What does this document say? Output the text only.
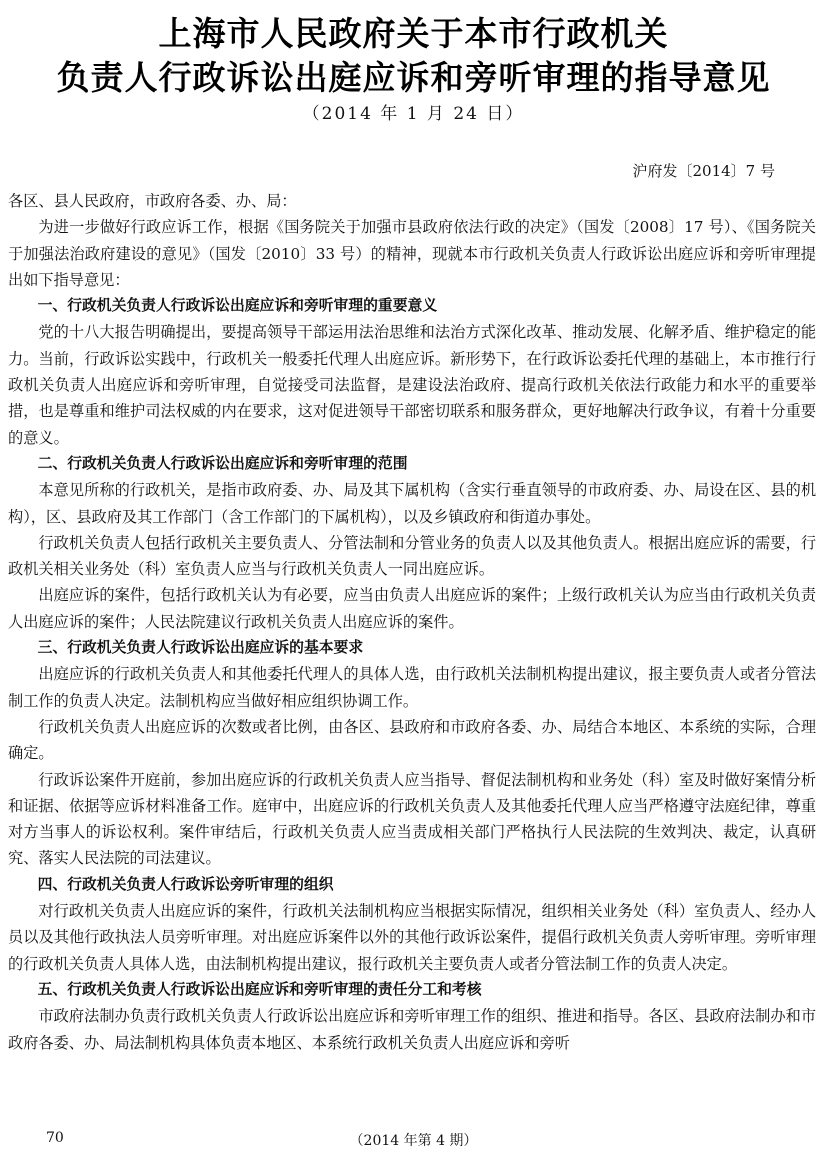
上海市人民政府关于本市行政机关
负责人行政诉讼出庭应诉和旁听审理的指导意见
（2014 年 1 月 24 日）
沪府发〔2014〕7 号

各区、县人民政府，市政府各委、办、局：

为进一步做好行政应诉工作，根据《国务院关于加强市县政府依法行政的决定》（国发〔2008〕17 号）、《国务院关于加强法治政府建设的意见》（国发〔2010〕33 号）的精神，现就本市行政机关负责人行政诉讼出庭应诉和旁听审理提出如下指导意见：

一、行政机关负责人行政诉讼出庭应诉和旁听审理的重要意义

党的十八大报告明确提出，要提高领导干部运用法治思维和法治方式深化改革、推动发展、化解矛盾、维护稳定的能力。当前，行政诉讼实践中，行政机关一般委托代理人出庭应诉。新形势下，在行政诉讼委托代理的基础上，本市推行行政机关负责人出庭应诉和旁听审理，自觉接受司法监督，是建设法治政府、提高行政机关依法行政能力和水平的重要举措，也是尊重和维护司法权威的内在要求，这对促进领导干部密切联系和服务群众，更好地解决行政争议，有着十分重要的意义。

二、行政机关负责人行政诉讼出庭应诉和旁听审理的范围

本意见所称的行政机关，是指市政府委、办、局及其下属机构（含实行垂直领导的市政府委、办、局设在区、县的机构），区、县政府及其工作部门（含工作部门的下属机构），以及乡镇政府和街道办事处。

行政机关负责人包括行政机关主要负责人、分管法制和分管业务的负责人以及其他负责人。根据出庭应诉的需要，行政机关相关业务处（科）室负责人应当与行政机关负责人一同出庭应诉。

出庭应诉的案件，包括行政机关认为有必要，应当由负责人出庭应诉的案件；上级行政机关认为应当由行政机关负责人出庭应诉的案件；人民法院建议行政机关负责人出庭应诉的案件。

三、行政机关负责人行政诉讼出庭应诉的基本要求

出庭应诉的行政机关负责人和其他委托代理人的具体人选，由行政机关法制机构提出建议，报主要负责人或者分管法制工作的负责人决定。法制机构应当做好相应组织协调工作。

行政机关负责人出庭应诉的次数或者比例，由各区、县政府和市政府各委、办、局结合本地区、本系统的实际，合理确定。

行政诉讼案件开庭前，参加出庭应诉的行政机关负责人应当指导、督促法制机构和业务处（科）室及时做好案情分析和证据、依据等应诉材料准备工作。庭审中，出庭应诉的行政机关负责人及其他委托代理人应当严格遵守法庭纪律，尊重对方当事人的诉讼权利。案件审结后，行政机关负责人应当责成相关部门严格执行人民法院的生效判决、裁定，认真研究、落实人民法院的司法建议。

四、行政机关负责人行政诉讼旁听审理的组织

对行政机关负责人出庭应诉的案件，行政机关法制机构应当根据实际情况，组织相关业务处（科）室负责人、经办人员以及其他行政执法人员旁听审理。对出庭应诉案件以外的其他行政诉讼案件，提倡行政机关负责人旁听审理。旁听审理的行政机关负责人具体人选，由法制机构提出建议，报行政机关主要负责人或者分管法制工作的负责人决定。

五、行政机关负责人行政诉讼出庭应诉和旁听审理的责任分工和考核

市政府法制办负责行政机关负责人行政诉讼出庭应诉和旁听审理工作的组织、推进和指导。各区、县政府法制办和市政府各委、办、局法制机构具体负责本地区、本系统行政机关负责人出庭应诉和旁听

70	（2014 年第 4 期）
